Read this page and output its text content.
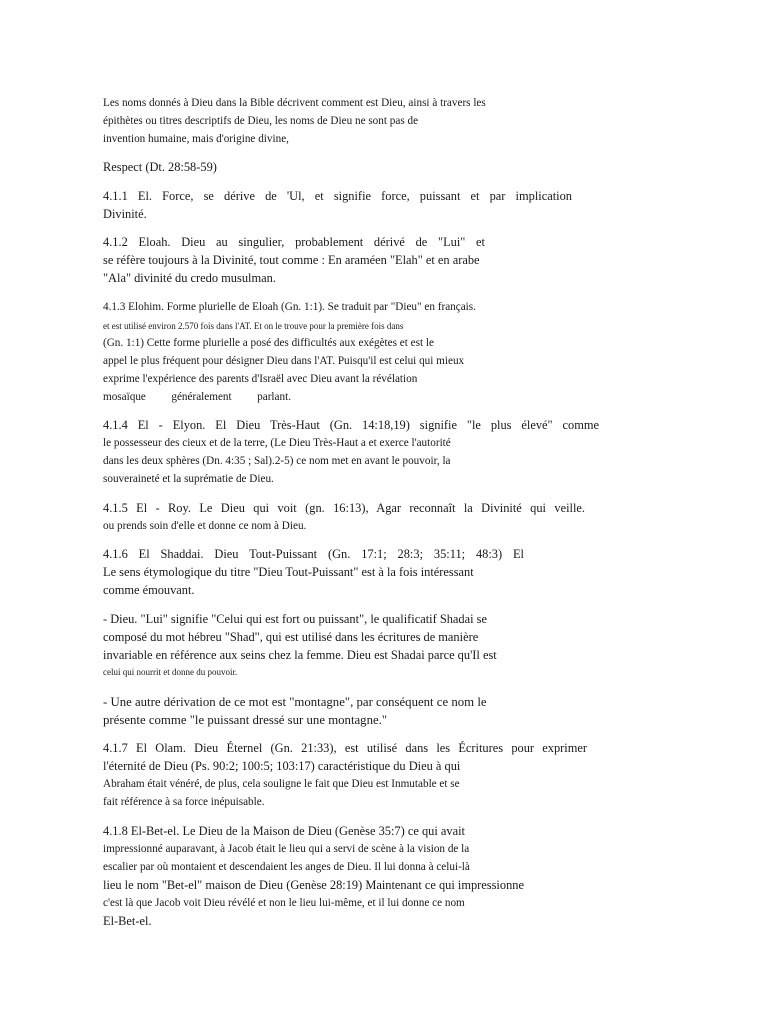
Les noms donnés à Dieu dans la Bible décrivent comment est Dieu, ainsi à travers les
épithètes ou titres descriptifs de Dieu, les noms de Dieu ne sont pas de
invention humaine, mais d'origine divine,
Respect (Dt. 28:58-59)
4.1.1 El. Force, se dérive de 'Ul, et signifie force, puissant et par implication
Divinité.
4.1.2 Eloah. Dieu au singulier, probablement dérivé de "Lui" et
se réfère toujours à la Divinité, tout comme : En araméen "Elah" et en arabe
"Ala" divinité du credo musulman.
4.1.3 Elohim. Forme plurielle de Eloah (Gn. 1:1). Se traduit par "Dieu" en français.
et est utilisé environ 2.570 fois dans l'AT. Et on le trouve pour la première fois dans
(Gn. 1:1) Cette forme plurielle a posé des difficultés aux exégètes et est le
appel le plus fréquent pour désigner Dieu dans l'AT. Puisqu'il est celui qui mieux
exprime l'expérience des parents d'Israël avec Dieu avant la révélation
mosaïque généralement parlant.
4.1.4 El - Elyon. El Dieu Très-Haut (Gn. 14:18,19) signifie "le plus élevé" comme
le possesseur des cieux et de la terre, (Le Dieu Très-Haut a et exerce l'autorité
dans les deux sphères (Dn. 4:35 ; Sal).2-5) ce nom met en avant le pouvoir, la
souveraineté et la suprématie de Dieu.
4.1.5 El - Roy. Le Dieu qui voit (gn. 16:13), Agar reconnaît la Divinité qui veille.
ou prends soin d'elle et donne ce nom à Dieu.
4.1.6 El Shaddai. Dieu Tout-Puissant (Gn. 17:1; 28:3; 35:11; 48:3) El
Le sens étymologique du titre "Dieu Tout-Puissant" est à la fois intéressant
comme émouvant.
- Dieu. "Lui" signifie "Celui qui est fort ou puissant", le qualificatif Shadai se
composé du mot hébreu "Shad", qui est utilisé dans les écritures de manière
invariable en référence aux seins chez la femme. Dieu est Shadai parce qu'Il est
celui qui nourrit et donne du pouvoir.
- Une autre dérivation de ce mot est "montagne", par conséquent ce nom le
présente comme "le puissant dressé sur une montagne."
4.1.7 El Olam. Dieu Éternel (Gn. 21:33), est utilisé dans les Écritures pour exprimer
l'éternité de Dieu (Ps. 90:2; 100:5; 103:17) caractéristique du Dieu à qui
Abraham était vénéré, de plus, cela souligne le fait que Dieu est Inmutable et se
fait référence à sa force inépuisable.
4.1.8 El-Bet-el. Le Dieu de la Maison de Dieu (Genèse 35:7) ce qui avait
impressionné auparavant, à Jacob était le lieu qui a servi de scène à la vision de la
escalier par où montaient et descendaient les anges de Dieu. Il lui donna à celui-là
lieu le nom "Bet-el" maison de Dieu (Genèse 28:19) Maintenant ce qui impressionne
c'est là que Jacob voit Dieu révélé et non le lieu lui-même, et il lui donne ce nom
El-Bet-el.
